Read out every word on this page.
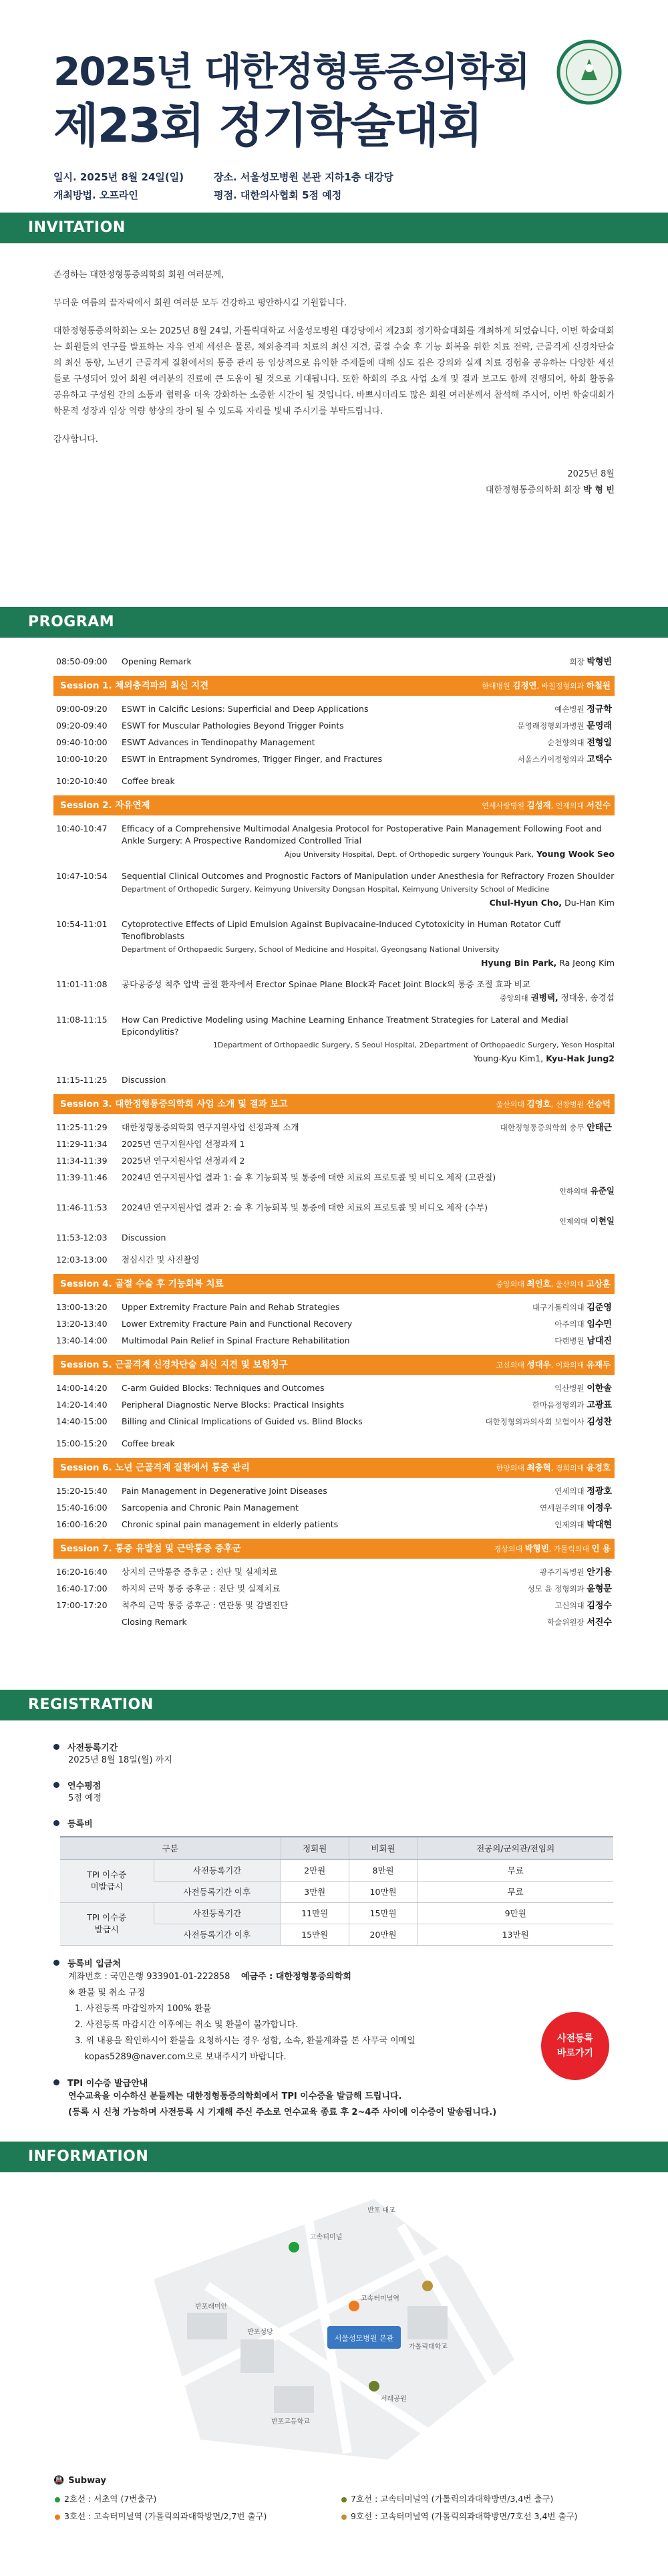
2025년 대한정형통증의학회
제23회 정기학술대회
일시. 2025년 8월 24일(일)	장소. 서울성모병원 본관 지하1층 대강당
개최방법. 오프라인	평점. 대한의사협회 5점 예정
INVITATION

존경하는 대한정형통증의학회 회원 여러분께,

무더운 여름의 끝자락에서 회원 여러분 모두 건강하고 평안하시길 기원합니다.

대한정형통증의학회는 오는 2025년 8월 24일, 가톨릭대학교 서울성모병원 대강당에서 제23회 정기학술대회를 개최하게 되었습니다. 이번 학술대회는 회원들의 연구를 발표하는 자유 연제 세션은 물론, 체외충격파 치료의 최신 지견, 골절 수술 후 기능 회복을 위한 치료 전략, 근골격계 신경차단술의 최신 동향, 노년기 근골격계 질환에서의 통증 관리 등 임상적으로 유익한 주제들에 대해 심도 깊은 강의와 실제 치료 경험을 공유하는 다양한 세션들로 구성되어 있어 회원 여러분의 진료에 큰 도움이 될 것으로 기대됩니다. 또한 학회의 주요 사업 소개 및 결과 보고도 함께 진행되어, 학회 활동을 공유하고 구성원 간의 소통과 협력을 더욱 강화하는 소중한 시간이 될 것입니다. 바쁘시더라도 많은 회원 여러분께서 참석해 주시어, 이번 학술대회가 학문적 성장과 임상 역량 향상의 장이 될 수 있도록 자리를 빛내 주시기를 부탁드립니다.

감사합니다.

2025년 8월
대한정형통증의학회 회장 박 형 빈
PROGRAM
08:50-09:00	Opening Remark	회장 박형빈
Session 1. 체외충격파의 최신 지견	한대병원 김정연, 바칠정형외과 하철원
09:00-09:20	ESWT in Calcific Lesions: Superficial and Deep Applications	예손병원 정규학
09:20-09:40	ESWT for Muscular Pathologies Beyond Trigger Points	문영래정형외과병원 문영래
09:40-10:00	ESWT Advances in Tendinopathy Management	순천향의대 전형일
10:00-10:20	ESWT in Entrapment Syndromes, Trigger Finger, and Fractures	서울스카이정형외과 고택수
10:20-10:40	Coffee break
Session 2. 자유연제	연세사랑병원 김성재, 인제의대 서진수
10:40-10:47	Efficacy of a Comprehensive Multimodal Analgesia Protocol for Postoperative Pain Management Following Foot and Ankle Surgery: A Prospective Randomized Controlled Trial
Ajou University Hospital, Dept. of Orthopedic surgery Younguk Park, Young Wook Seo
10:47-10:54	Sequential Clinical Outcomes and Prognostic Factors of Manipulation under Anesthesia for Refractory Frozen Shoulder
Department of Orthopedic Surgery, Keimyung University Dongsan Hospital, Keimyung University School of Medicine
Chul-Hyun Cho, Du-Han Kim
10:54-11:01	Cytoprotective Effects of Lipid Emulsion Against Bupivacaine-Induced Cytotoxicity in Human Rotator Cuff Tenofibroblasts
Department of Orthopaedic Surgery, School of Medicine and Hospital, Gyeongsang National University
Hyung Bin Park, Ra Jeong Kim
11:01-11:08	공다공증성 척추 압박 골절 환자에서 Erector Spinae Plane Block과 Facet Joint Block의 통증 조절 효과 비교
중앙의대 권병택, 정대웅, 송경섭
11:08-11:15	How Can Predictive Modeling using Machine Learning Enhance Treatment Strategies for Lateral and Medial Epicondylitis?
1Department of Orthopaedic Surgery, S Seoul Hospital, 2Department of Orthopaedic Surgery, Yeson Hospital
Young-Kyu Kim1, Kyu-Hak Jung2
11:15-11:25	Discussion
Session 3. 대한정형통증의학회 사업 소개 및 결과 보고	울산의대 김영호, 선창병원 선승덕
11:25-11:29	대한정형통증의학회 연구지원사업 선정과제 소개	대한정형통증의학회 총무 안태근
11:29-11:34	2025년 연구지원사업 선정과제 1
11:34-11:39	2025년 연구지원사업 선정과제 2
11:39-11:46	2024년 연구지원사업 결과 1: 슬 후 기능회복 및 통증에 대한 치료의 프로토콜 및 비디오 제작 (고관절)
인하의대 유준일
11:46-11:53	2024년 연구지원사업 결과 2: 슬 후 기능회복 및 통증에 대한 치료의 프로토콜 및 비디오 제작 (수부)
인제의대 이현일
11:53-12:03	Discussion
12:03-13:00	점심시간 및 사진촬영
Session 4. 골절 수술 후 기능회복 치료	중앙의대 최인호, 울산의대 고상훈
13:00-13:20	Upper Extremity Fracture Pain and Rehab Strategies	대구가톨릭의대 김준영
13:20-13:40	Lower Extremity Fracture Pain and Functional Recovery	아주의대 임수민
13:40-14:00	Multimodal Pain Relief in Spinal Fracture Rehabilitation	다랜병원 남대진
Session 5. 근골격계 신경차단술 최신 지견 및 보험청구	고신의대 성대우, 이화의대 유재두
14:00-14:20	C-arm Guided Blocks: Techniques and Outcomes	익산병원 이한솔
14:20-14:40	Peripheral Diagnostic Nerve Blocks: Practical Insights	한마음정형외과 고광표
14:40-15:00	Billing and Clinical Implications of Guided vs. Blind Blocks	대한정형외과의사회 보험이사 김성찬
15:00-15:20	Coffee break
Session 6. 노년 근골격계 질환에서 통증 관리	한양의대 최충혁, 경희의대 윤경호
15:20-15:40	Pain Management in Degenerative Joint Diseases	연세의대 정광호
15:40-16:00	Sarcopenia and Chronic Pain Management	연세원주의대 이정우
16:00-16:20	Chronic spinal pain management in elderly patients	인제의대 박대현
Session 7. 통증 유발점 및 근막통증 증후군	경상의대 박형빈, 가톨릭의대 인 용
16:20-16:40	상지의 근막통증 증후군 : 진단 및 실제치료	광주기독병원 안기용
16:40-17:00	하지의 근막 통증 증후군 : 진단 및 실제치료	성모 윤 정형외과 윤형문
17:00-17:20	척추의 근막 통증 증후군 : 연관통 및 감별진단	고신의대 김정수
Closing Remark	학술위원장 서진수
REGISTRATION
사전등록기간
2025년 8월 18일(월) 까지
연수평점
5점 예정
등록비
구분		정회원	비회원	전공의/군의관/전임의
TPI 이수증
미발급시	사전등록기간	2만원	8만원	무료
	사전등록기간 이후	3만원	10만원	무료
TPI 이수증
발급시	사전등록기간	11만원	15만원	9만원
	사전등록기간 이후	15만원	20만원	13만원
등록비 입금처
계좌번호 : 국민은행 933901-01-222858 예금주 : 대한정형통증의학회
※ 환불 및 취소 규정
1. 사전등록 마감일까지 100% 환불
2. 사전등록 마감시간 이후에는 취소 및 환불이 불가합니다.
3. 위 내용을 확인하시어 환불을 요청하시는 경우 성함, 소속, 환불계좌를 본 사무국 이메일 kopas5289@naver.com으로 보내주시기 바랍니다.
TPI 이수증 발급안내
연수교육을 이수하신 분들께는 대한정형통증의학회에서 TPI 이수증을 발급해 드립니다.
(등록 시 신청 가능하며 사전등록 시 기재해 주신 주소로 연수교육 종료 후 2~4주 사이에 이수증이 발송됩니다.)
사전등록
바로가기
INFORMATION
서울성모병원 본관
반포래미안
반포성당
반포고등학교
고속터미널
고속터미널역
가톨릭대학교
서래공원
반포 대교
🚇 Subway
2호선 : 서초역 (7번출구)	7호선 : 고속터미널역 (가톨릭의과대학방면/3,4번 출구)
3호선 : 고속터미널역 (가톨릭의과대학방면/2,7번 출구)	9호선 : 고속터미널역 (가톨릭의과대학방면/7호선 3,4번 출구)
